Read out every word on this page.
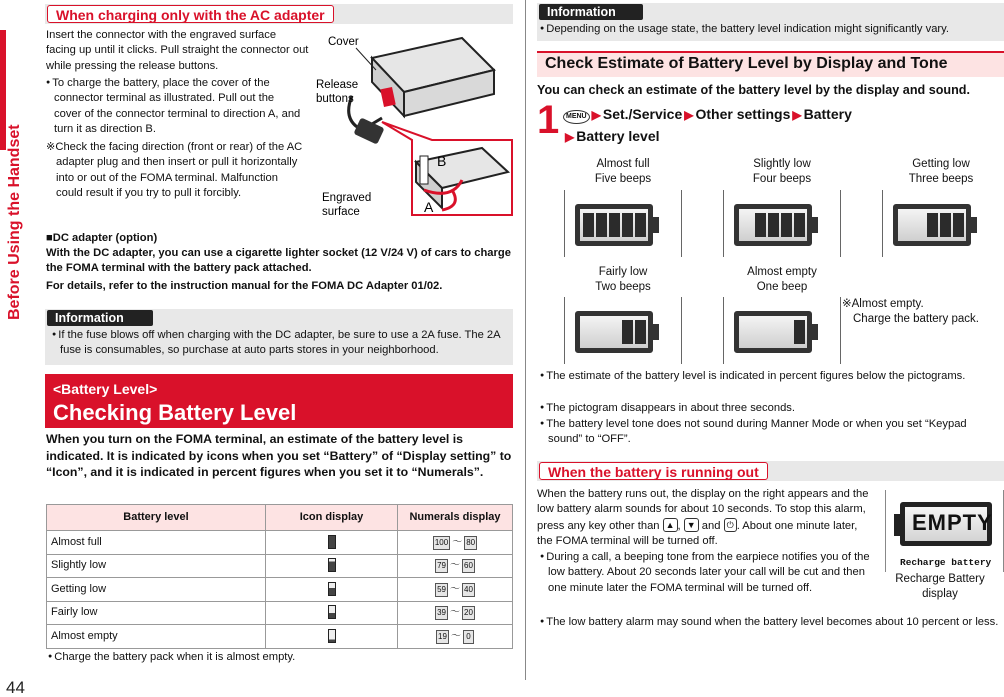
Before Using the Handset
44
When charging only with the AC adapter
Insert the connector with the engraved surface facing up until it clicks. Pull straight the connector out while pressing the release buttons.
● To charge the battery, place the cover of the connector terminal as illustrated. Pull out the cover of the connector terminal to direction A, and turn it as direction B.
※Check the facing direction (front or rear) of the AC adapter plug and then insert or pull it horizontally into or out of the FOMA terminal. Malfunction could result if you try to pull it forcibly.
Cover
Release
buttons
Engraved
surface
B
A
■DC adapter (option)
With the DC adapter, you can use a cigarette lighter socket (12 V/24 V) of cars to charge the FOMA terminal with the battery pack attached.
For details, refer to the instruction manual for the FOMA DC Adapter 01/02.
Information
● If the fuse blows off when charging with the DC adapter, be sure to use a 2A fuse. The 2A fuse is consumables, so purchase at auto parts stores in your neighborhood.
<Battery Level>
Checking Battery Level
When you turn on the FOMA terminal, an estimate of the battery level is indicated. It is indicated by icons when you set “Battery” of “Display setting” to “Icon”, and it is indicated in percent figures when you set it to “Numerals”.
Battery level	Icon display	Numerals display
Almost full		100 ～ 80

Slightly low		79 ～ 60

Getting low		59 ～ 40

Fairly low		39 ～ 20

Almost empty		19 ～ 0
● Charge the battery pack when it is almost empty.
Information
● Depending on the usage state, the battery level indication might significantly vary.
Check Estimate of Battery Level by Display and Tone
You can check an estimate of the battery level by the display and sound.
1 MENU ▶ Set./Service ▶ Other settings ▶ Battery
▶ Battery level
Almost full
Five beeps
Slightly low
Four beeps
Getting low
Three beeps
Fairly low
Two beeps
Almost empty
One beep
※Almost empty.
Charge the battery pack.
● The estimate of the battery level is indicated in percent figures below the pictograms.
● The pictogram disappears in about three seconds.
● The battery level tone does not sound during Manner Mode or when you set “Keypad sound” to “OFF”.
When the battery is running out
When the battery runs out, the display on the right appears and the low battery alarm sounds for about 10 seconds. To stop this alarm, press any key other than ▲ , ▼ and ⏻ . About one minute later, the FOMA terminal will be turned off.
● During a call, a beeping tone from the earpiece notifies you of the low battery. About 20 seconds later your call will be cut and then one minute later the FOMA terminal will be turned off.
● The low battery alarm may sound when the battery level becomes about 10 percent or less.
EMPTY
Recharge battery
Recharge Battery
display
